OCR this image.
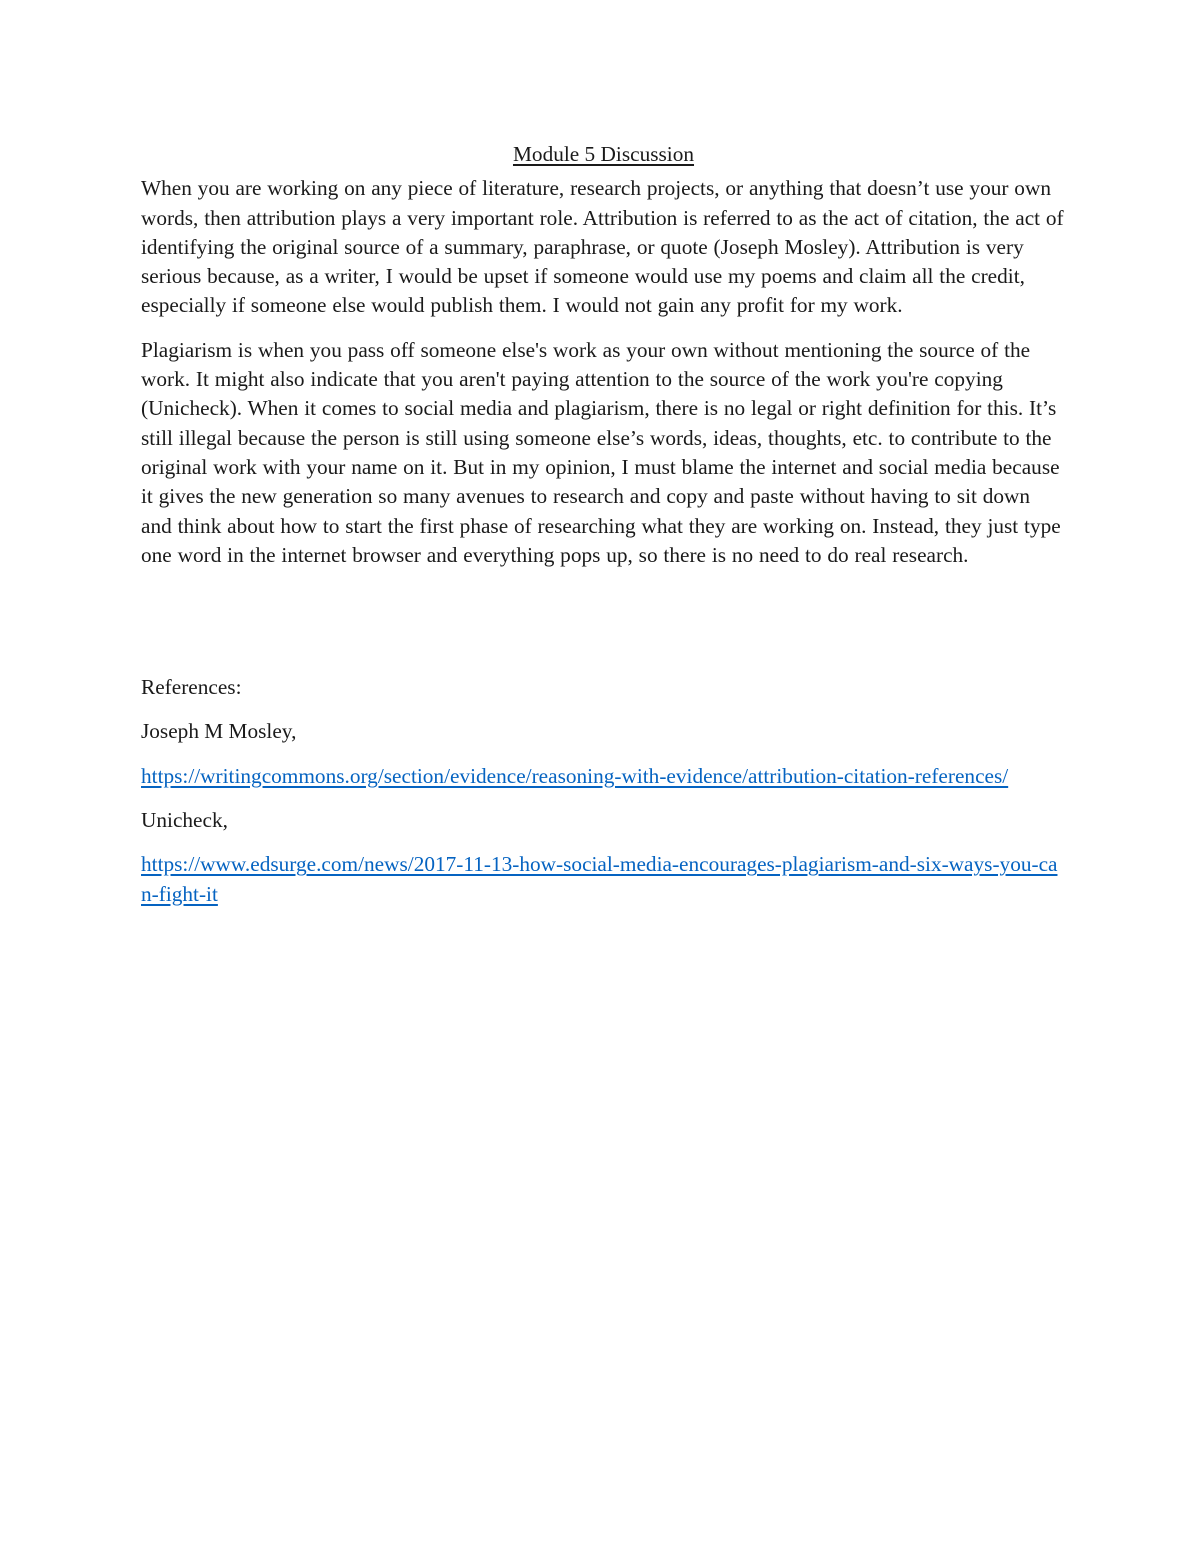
Module 5 Discussion

When you are working on any piece of literature, research projects, or anything that doesn’t use your own words, then attribution plays a very important role. Attribution is referred to as the act of citation, the act of identifying the original source of a summary, paraphrase, or quote (Joseph Mosley). Attribution is very serious because, as a writer, I would be upset if someone would use my poems and claim all the credit, especially if someone else would publish them. I would not gain any profit for my work.

Plagiarism is when you pass off someone else's work as your own without mentioning the source of the work. It might also indicate that you aren't paying attention to the source of the work you're copying (Unicheck). When it comes to social media and plagiarism, there is no legal or right definition for this. It’s still illegal because the person is still using someone else’s words, ideas, thoughts, etc. to contribute to the original work with your name on it. But in my opinion, I must blame the internet and social media because it gives the new generation so many avenues to research and copy and paste without having to sit down and think about how to start the first phase of researching what they are working on. Instead, they just type one word in the internet browser and everything pops up, so there is no need to do real research.

References:

Joseph M Mosley,

https://writingcommons.org/section/evidence/reasoning-with-evidence/attribution-citation-references/

Unicheck,

https://www.edsurge.com/news/2017-11-13-how-social-media-encourages-plagiarism-and-six-ways-you-can-fight-it
